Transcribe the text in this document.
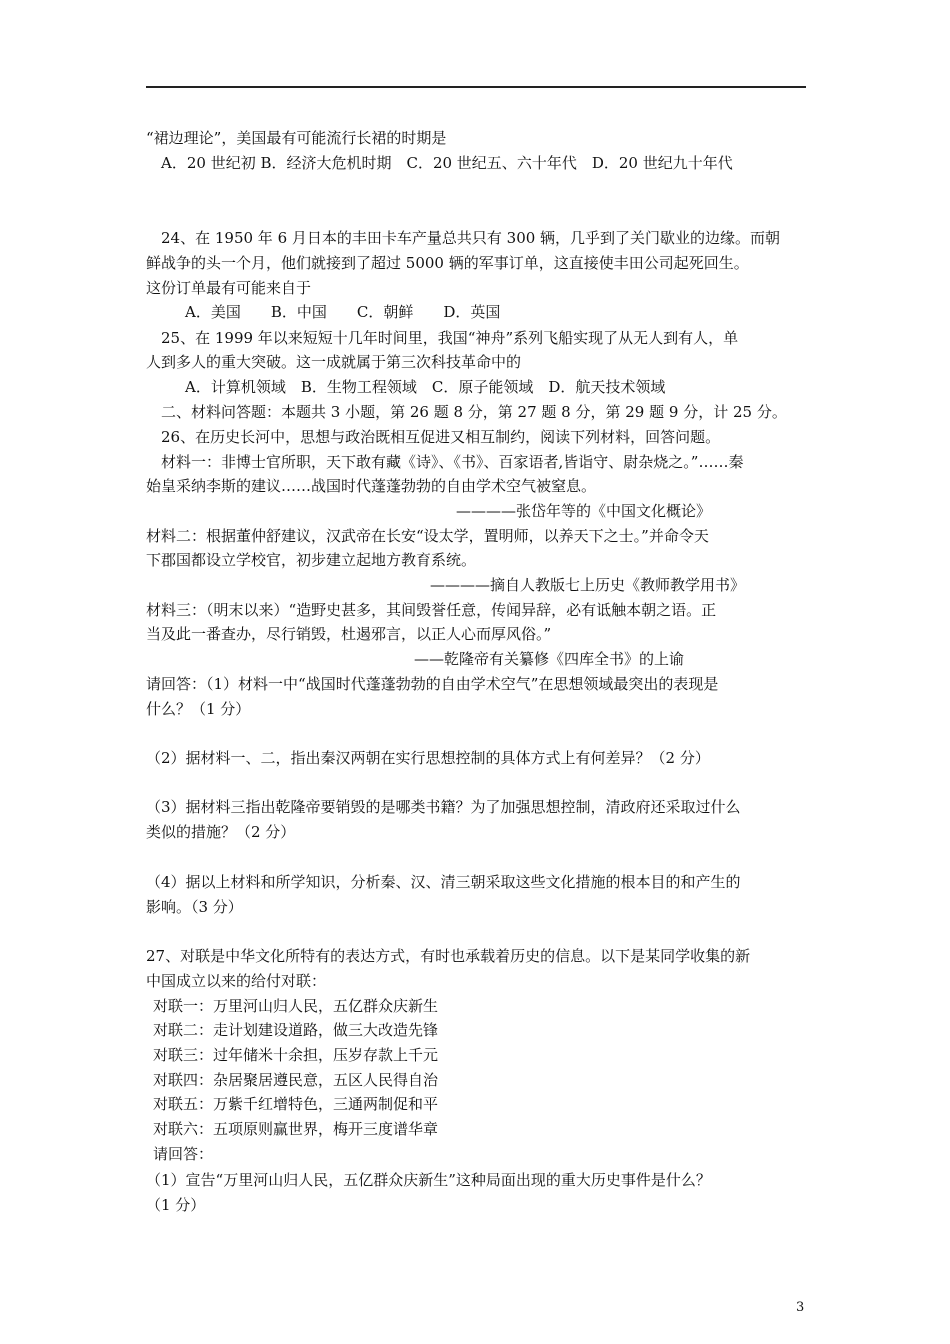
“裙边理论”，美国最有可能流行长裙的时期是
A．20 世纪初 B．经济大危机时期　C．20 世纪五、六十年代　D．20 世纪九十年代
24、在 1950 年 6 月日本的丰田卡车产量总共只有 300 辆，几乎到了关门歇业的边缘。而朝
鲜战争的头一个月，他们就接到了超过 5000 辆的军事订单，这直接使丰田公司起死回生。
这份订单最有可能来自于
A．美国　　B．中国　　C．朝鲜　　D．英国
25、在 1999 年以来短短十几年时间里，我国“神舟”系列飞船实现了从无人到有人，单
人到多人的重大突破。这一成就属于第三次科技革命中的
A．计算机领域　B．生物工程领域　C．原子能领域　D．航天技术领域
二、材料问答题：本题共 3 小题，第 26 题 8 分，第 27 题 8 分，第 29 题 9 分，计 25 分。
26、在历史长河中，思想与政治既相互促进又相互制约，阅读下列材料，回答问题。
材料一：非博士官所职，天下敢有藏《诗》、《书》、百家语者,皆诣守、尉杂烧之。”……秦
始皇采纳李斯的建议……战国时代蓬蓬勃勃的自由学术空气被窒息。
————张岱年等的《中国文化概论》
材料二：根据董仲舒建议，汉武帝在长安“设太学，置明师，以养天下之士。”并命令天
下郡国都设立学校官，初步建立起地方教育系统。
————摘自人教版七上历史《教师教学用书》
材料三：（明末以来）“造野史甚多，其间毁誉任意，传闻异辞，必有诋触本朝之语。正
当及此一番查办，尽行销毁，杜遏邪言，以正人心而厚风俗。”
——乾隆帝有关纂修《四库全书》的上谕
请回答：（1）材料一中“战国时代蓬蓬勃勃的自由学术空气”在思想领域最突出的表现是
什么？（1 分）
（2）据材料一、二，指出秦汉两朝在实行思想控制的具体方式上有何差异？（2 分）
（3）据材料三指出乾隆帝要销毁的是哪类书籍？为了加强思想控制，清政府还采取过什么
类似的措施？（2 分）
（4）据以上材料和所学知识，分析秦、汉、清三朝采取这些文化措施的根本目的和产生的
影响。（3 分）
27、对联是中华文化所特有的表达方式，有时也承载着历史的信息。以下是某同学收集的新
中国成立以来的给付对联：
对联一：万里河山归人民，五亿群众庆新生
对联二：走计划建设道路，做三大改造先锋
对联三：过年储米十余担，压岁存款上千元
对联四：杂居聚居遵民意，五区人民得自治
对联五：万紫千红增特色，三通两制促和平
对联六：五项原则赢世界，梅开三度谱华章
请回答：
（1）宣告“万里河山归人民，五亿群众庆新生”这种局面出现的重大历史事件是什么？
（1 分）
3
